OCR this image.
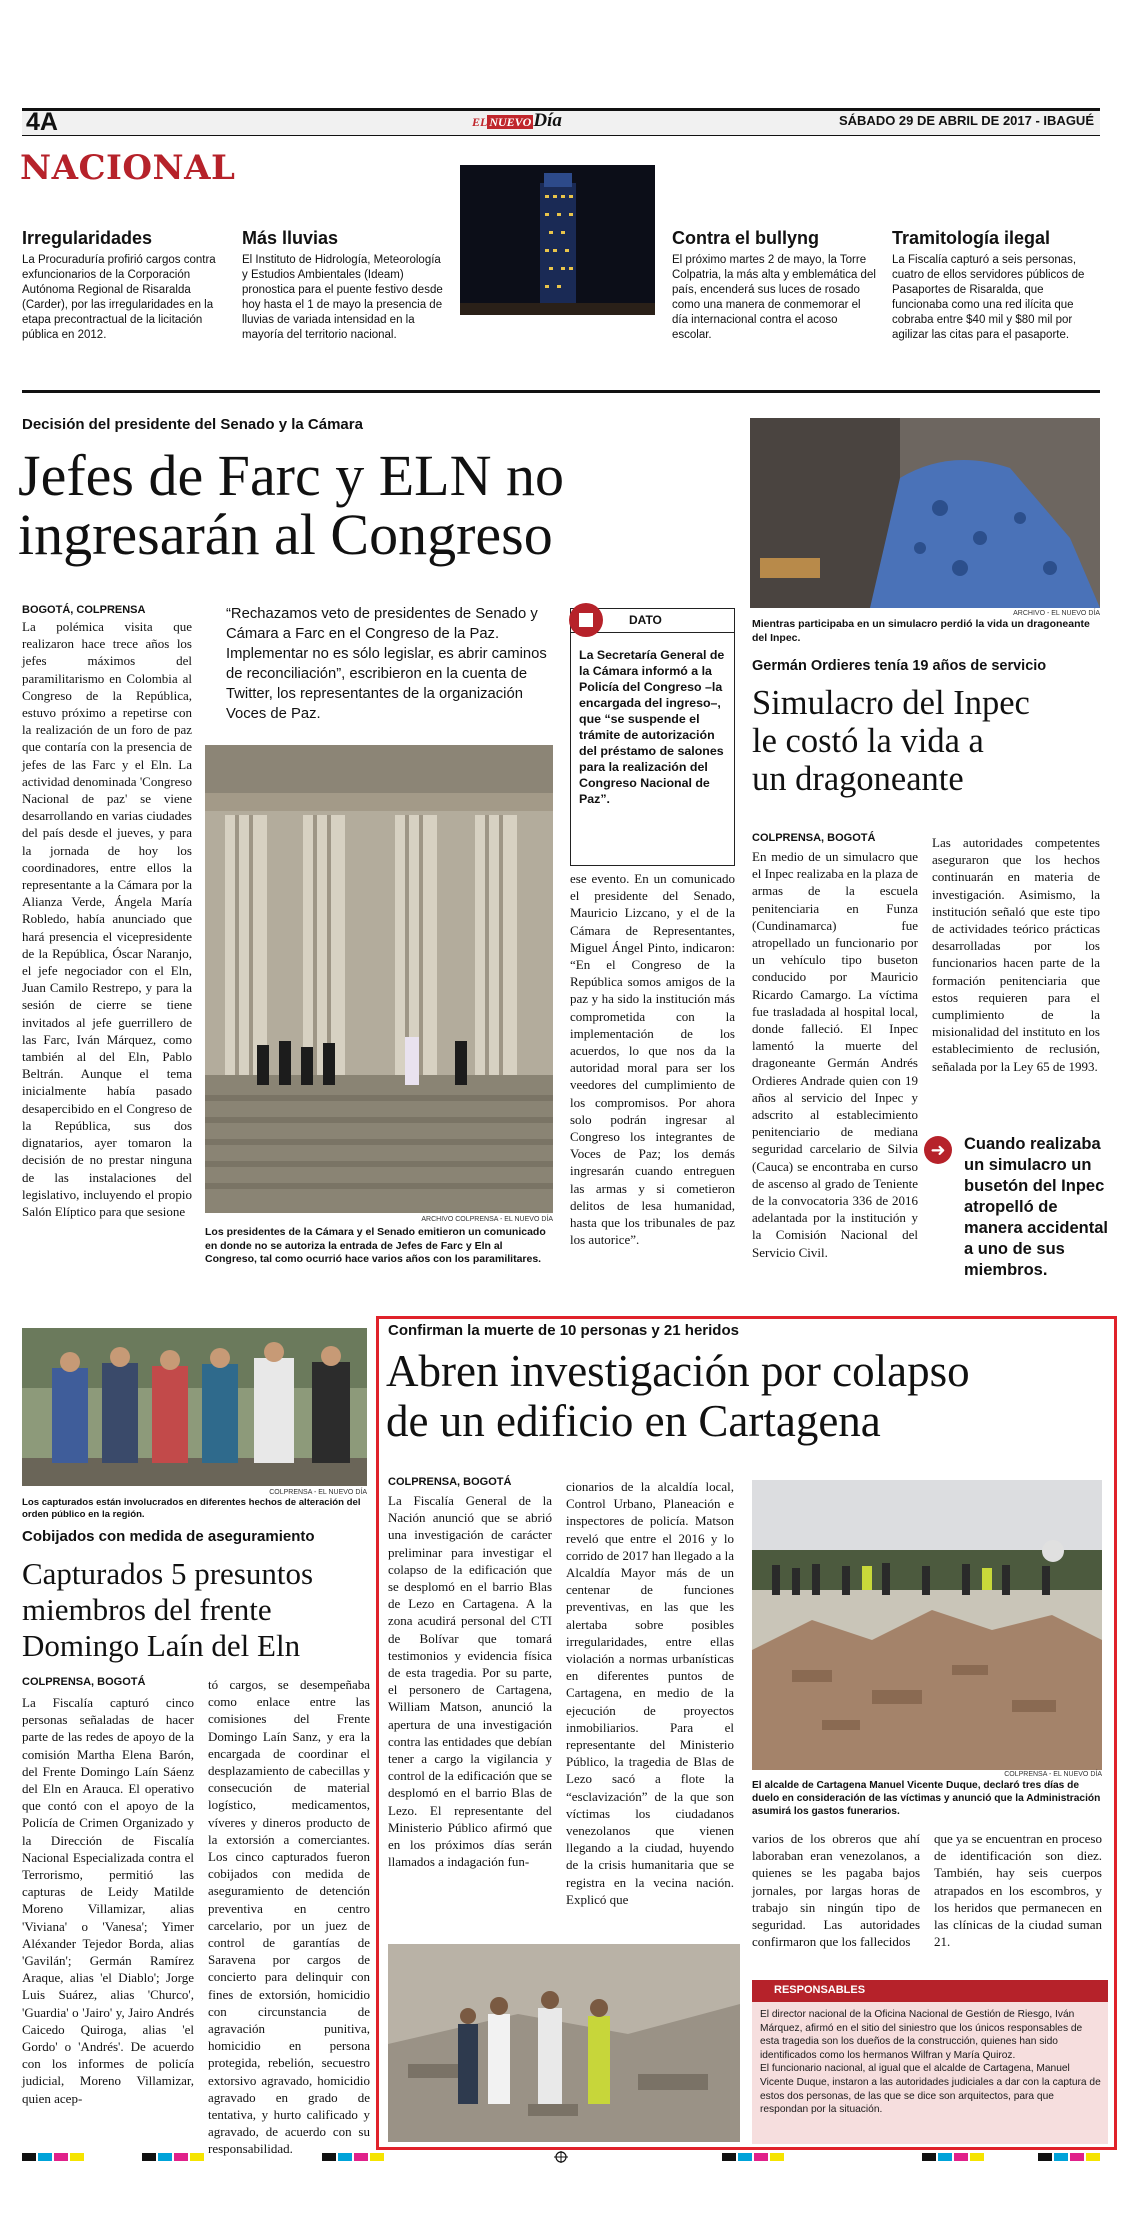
4A	EL NUEVO Día	SÁBADO 29 DE ABRIL DE 2017 - IBAGUÉ
NACIONAL
Irregularidades
La Procuraduría profirió cargos contra exfuncionarios de la Corporación Autónoma Regional de Risaralda (Carder), por las irregularidades en la etapa precontractual de la licitación pública en 2012.
Más lluvias
El Instituto de Hidrología, Meteorología y Estudios Ambientales (Ideam) pronostica para el puente festivo desde hoy hasta el 1 de mayo la presencia de lluvias de variada intensidad en la mayoría del territorio nacional.
Contra el bullyng
El próximo martes 2 de mayo, la Torre Colpatria, la más alta y emblemática del país, encenderá sus luces de rosado como una manera de conmemorar el día internacional contra el acoso escolar.
Tramitología ilegal
La Fiscalía capturó a seis personas, cuatro de ellos servidores públicos de Pasaportes de Risaralda, que funcionaba como una red ilícita que cobraba entre $40 mil y $80 mil por agilizar las citas para el pasaporte.
Decisión del presidente del Senado y la Cámara
Jefes de Farc y ELN no
ingresarán al Congreso
BOGOTÁ, COLPRENSA
La polémica visita que realizaron hace trece años los jefes máximos del paramilitarismo en Colombia al Congreso de la República, estuvo próximo a repetirse con la realización de un foro de paz que contaría con la presencia de jefes de las Farc y el Eln. La actividad denominada 'Congreso Nacional de paz' se viene desarrollando en varias ciudades del país desde el jueves, y para la jornada de hoy los coordinadores, entre ellos la representante a la Cámara por la Alianza Verde, Ángela María Robledo, había anunciado que hará presencia el vicepresidente de la República, Óscar Naranjo, el jefe negociador con el Eln, Juan Camilo Restrepo, y para la sesión de cierre se tiene invitados al jefe guerrillero de las Farc, Iván Márquez, como también al del Eln, Pablo Beltrán. Aunque el tema inicialmente había pasado desapercibido en el Congreso de la República, sus dos dignatarios, ayer tomaron la decisión de no prestar ninguna de las instalaciones del legislativo, incluyendo el propio Salón Elíptico para que sesione
“Rechazamos veto de presidentes de Senado y Cámara a Farc en el Congreso de la Paz. Implementar no es sólo legislar, es abrir caminos de reconciliación”, escribieron en la cuenta de Twitter, los representantes de la organización Voces de Paz.
ARCHIVO COLPRENSA - EL NUEVO DÍA
Los presidentes de la Cámara y el Senado emitieron un comunicado en donde no se autoriza la entrada de Jefes de Farc y Eln al Congreso, tal como ocurrió hace varios años con los paramilitares.
ese evento. En un comunicado el presidente del Senado, Mauricio Lizcano, y el de la Cámara de Representantes, Miguel Ángel Pinto, indicaron: “En el Congreso de la República somos amigos de la paz y ha sido la institución más comprometida con la implementación de los acuerdos, lo que nos da la autoridad moral para ser los veedores del cumplimiento de los compromisos. Por ahora solo podrán ingresar al Congreso los integrantes de Voces de Paz; los demás ingresarán cuando entreguen las armas y si cometieron delitos de lesa humanidad, hasta que los tribunales de paz los autorice”.
DATO
La Secretaría General de la Cámara informó a la Policía del Congreso –la encargada del ingreso–, que “se suspende el trámite de autorización del préstamo de salones para la realización del Congreso Nacional de Paz”.
ARCHIVO - EL NUEVO DÍA
Mientras participaba en un simulacro perdió la vida un dragoneante del Inpec.
Germán Ordieres tenía 19 años de servicio
Simulacro del Inpec
le costó la vida a
un dragoneante
COLPRENSA, BOGOTÁ
En medio de un simulacro que el Inpec realizaba en la plaza de armas de la escuela penitenciaria en Funza (Cundinamarca) fue atropellado un funcionario por un vehículo tipo buseton conducido por Mauricio Ricardo Camargo. La víctima fue trasladada al hospital local, donde falleció. El Inpec lamentó la muerte del dragoneante Germán Andrés Ordieres Andrade quien con 19 años al servicio del Inpec y adscrito al establecimiento penitenciario de mediana seguridad carcelario de Silvia (Cauca) se encontraba en curso de ascenso al grado de Teniente de la convocatoria 336 de 2016 adelantada por la institución y la Comisión Nacional del Servicio Civil.
Las autoridades competentes aseguraron que los hechos continuarán en materia de investigación. Asimismo, la institución señaló que este tipo de actividades teórico prácticas desarrolladas por los funcionarios hacen parte de la formación penitenciaria que estos requieren para el cumplimiento de la misionalidad del instituto en los establecimiento de reclusión, señalada por la Ley 65 de 1993.
➜	Cuando realizaba un simulacro un busetón del Inpec atropelló de manera accidental a uno de sus miembros.
COLPRENSA - EL NUEVO DÍA
Los capturados están involucrados en diferentes hechos de alteración del orden público en la región.
Cobijados con medida de aseguramiento
Capturados 5 presuntos
miembros del frente
Domingo Laín del Eln
COLPRENSA, BOGOTÁ
La Fiscalía capturó cinco personas señaladas de hacer parte de las redes de apoyo de la comisión Martha Elena Barón, del Frente Domingo Laín Sáenz del Eln en Arauca. El operativo que contó con el apoyo de la Policía de Crimen Organizado y la Dirección de Fiscalía Nacional Especializada contra el Terrorismo, permitió las capturas de Leidy Matilde Moreno Villamizar, alias 'Viviana' o 'Vanesa'; Yimer Aléxander Tejedor Borda, alias 'Gavilán'; Germán Ramírez Araque, alias 'el Diablo'; Jorge Luis Suárez, alias 'Churco', 'Guardia' o 'Jairo' y, Jairo Andrés Caicedo Quiroga, alias 'el Gordo' o 'Andrés'. De acuerdo con los informes de policía judicial, Moreno Villamizar, quien acep-
tó cargos, se desempeñaba como enlace entre las comisiones del Frente Domingo Laín Sanz, y era la encargada de coordinar el desplazamiento de cabecillas y consecución de material logístico, medicamentos, víveres y dineros producto de la extorsión a comerciantes. Los cinco capturados fueron cobijados con medida de aseguramiento de detención preventiva en centro carcelario, por un juez de control de garantías de Saravena por cargos de concierto para delinquir con fines de extorsión, homicidio con circunstancia de agravación punitiva, homicidio en persona protegida, rebelión, secuestro extorsivo agravado, homicidio agravado en grado de tentativa, y hurto calificado y agravado, de acuerdo con su responsabilidad.
Confirman la muerte de 10 personas y 21 heridos
Abren investigación por colapso
de un edificio en Cartagena
COLPRENSA, BOGOTÁ
La Fiscalía General de la Nación anunció que se abrió una investigación de carácter preliminar para investigar el colapso de la edificación que se desplomó en el barrio Blas de Lezo en Cartagena. A la zona acudirá personal del CTI de Bolívar que tomará testimonios y evidencia física de esta tragedia. Por su parte, el personero de Cartagena, William Matson, anunció la apertura de una investigación contra las entidades que debían tener a cargo la vigilancia y control de la edificación que se desplomó en el barrio Blas de Lezo. El representante del Ministerio Público afirmó que en los próximos días serán llamados a indagación fun-
cionarios de la alcaldía local, Control Urbano, Planeación e inspectores de policía. Matson reveló que entre el 2016 y lo corrido de 2017 han llegado a la Alcaldía Mayor más de un centenar de funciones preventivas, en las que les alertaba sobre posibles irregularidades, entre ellas violación a normas urbanísticas en diferentes puntos de Cartagena, en medio de la ejecución de proyectos inmobiliarios. Para el representante del Ministerio Público, la tragedia de Blas de Lezo sacó a flote la “esclavización” de la que son víctimas los ciudadanos venezolanos que vienen llegando a la ciudad, huyendo de la crisis humanitaria que se registra en la vecina nación. Explicó que
COLPRENSA - EL NUEVO DÍA
El alcalde de Cartagena Manuel Vicente Duque, declaró tres días de duelo en consideración de las víctimas y anunció que la Administración asumirá los gastos funerarios.
varios de los obreros que ahí laboraban eran venezolanos, a quienes se les pagaba bajos jornales, por largas horas de trabajo sin ningún tipo de seguridad. Las autoridades confirmaron que los fallecidos
que ya se encuentran en proceso de identificación son diez. También, hay seis cuerpos atrapados en los escombros, y los heridos que permanecen en las clínicas de la ciudad suman 21.
RESPONSABLES
El director nacional de la Oficina Nacional de Gestión de Riesgo, Iván Márquez, afirmó en el sitio del siniestro que los únicos responsables de esta tragedia son los dueños de la construcción, quienes han sido identificados como los hermanos Wilfran y María Quiroz.
El funcionario nacional, al igual que el alcalde de Cartagena, Manuel Vicente Duque, instaron a las autoridades judiciales a dar con la captura de estos dos personas, de las que se dice son arquitectos, para que respondan por la situación.
